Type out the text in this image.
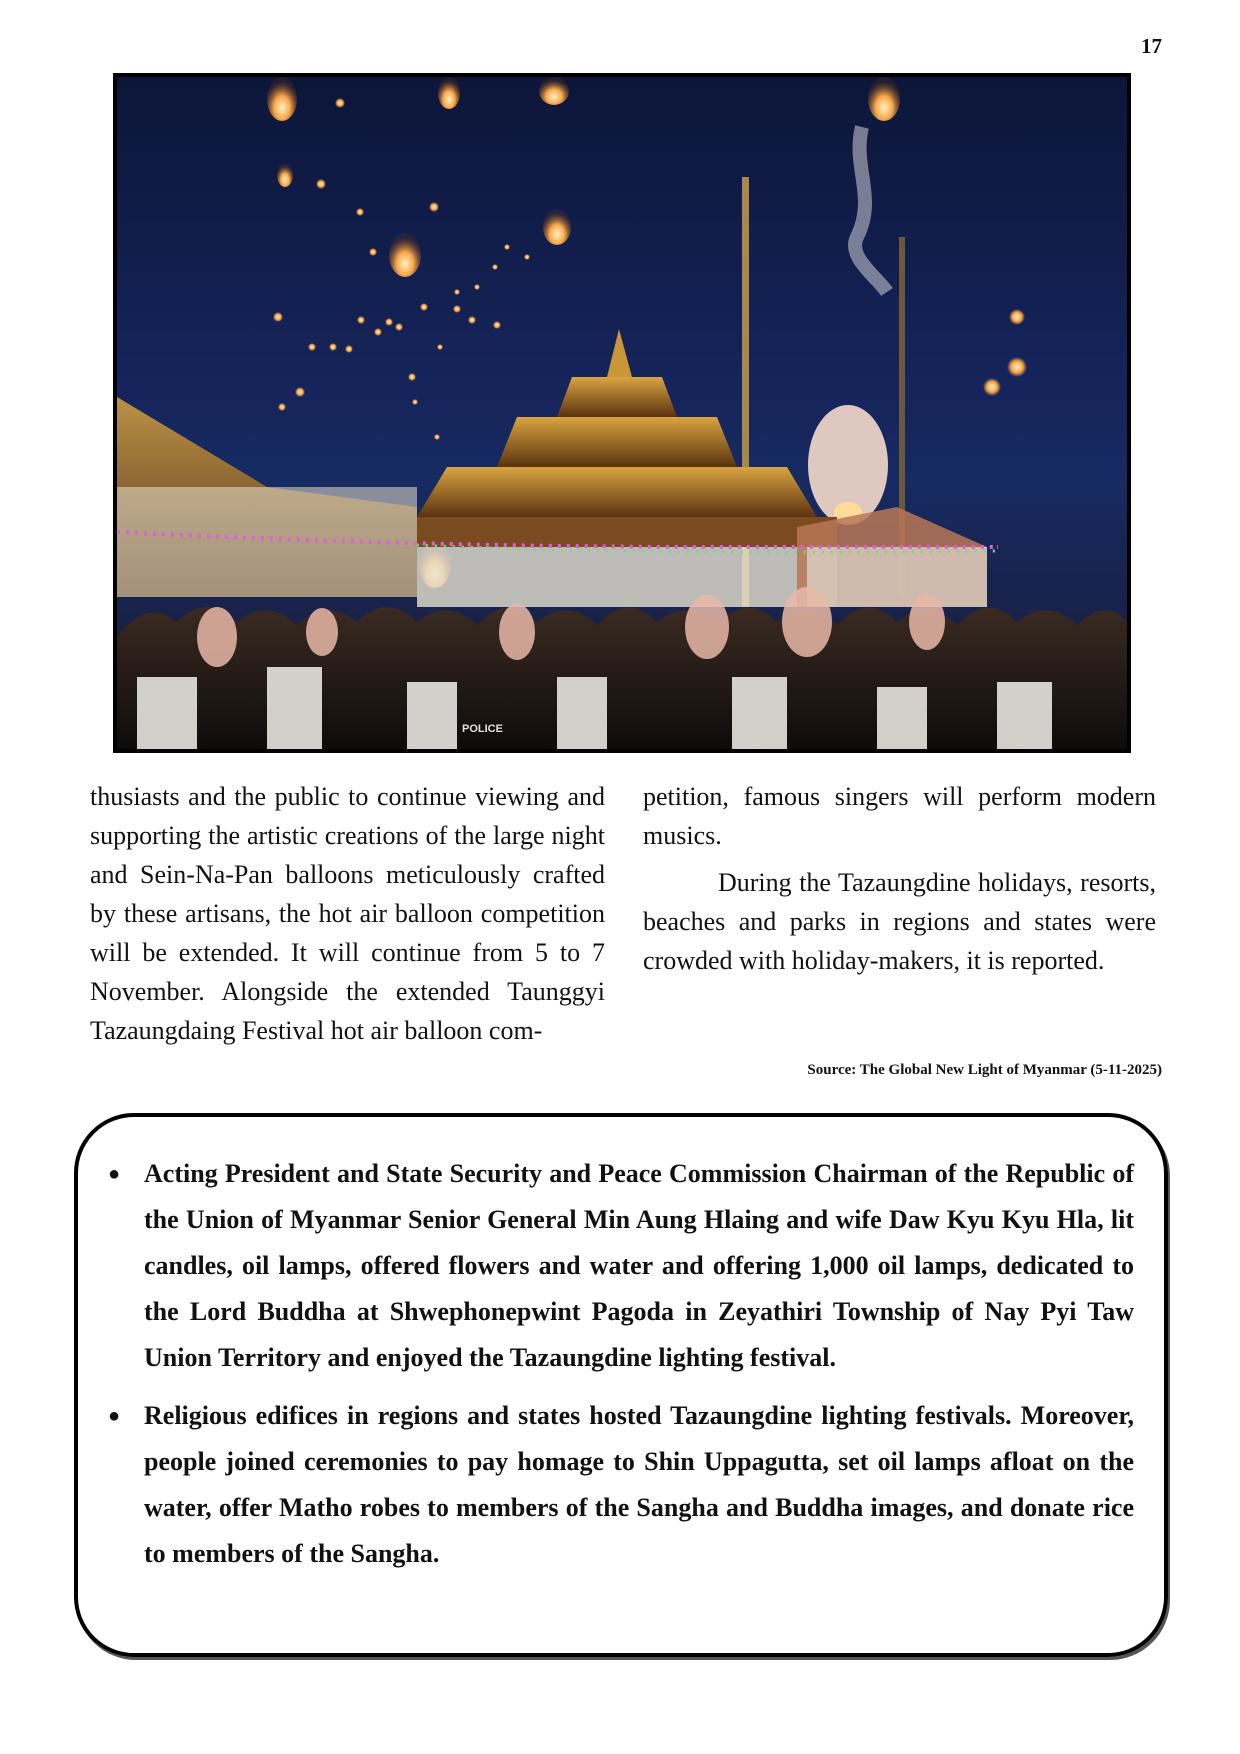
17
POLICE

thusiasts and the public to continue viewing and supporting the artistic creations of the large night and Sein-Na-Pan balloons meticulously crafted by these artisans, the hot air balloon competition will be extended. It will continue from 5 to 7 November. Alongside the extended Taunggyi Tazaungdaing Festival hot air balloon com-

petition, famous singers will perform modern musics.

During the Tazaungdine holidays, resorts, beaches and parks in regions and states were crowded with holiday-makers, it is reported.

Source: The Global New Light of Myanmar (5-11-2025)
● Acting President and State Security and Peace Commission Chairman of the Republic of the Union of Myanmar Senior General Min Aung Hlaing and wife Daw Kyu Kyu Hla, lit candles, oil lamps, offered flowers and water and offering 1,000 oil lamps, dedicated to the Lord Buddha at Shwephonepwint Pagoda in Zeyathiri Township of Nay Pyi Taw Union Territory and enjoyed the Tazaungdine lighting festival.
● Religious edifices in regions and states hosted Tazaungdine lighting festivals. Moreover, people joined ceremonies to pay homage to Shin Uppagutta, set oil lamps afloat on the water, offer Matho robes to members of the Sangha and Buddha images, and donate rice to members of the Sangha.
